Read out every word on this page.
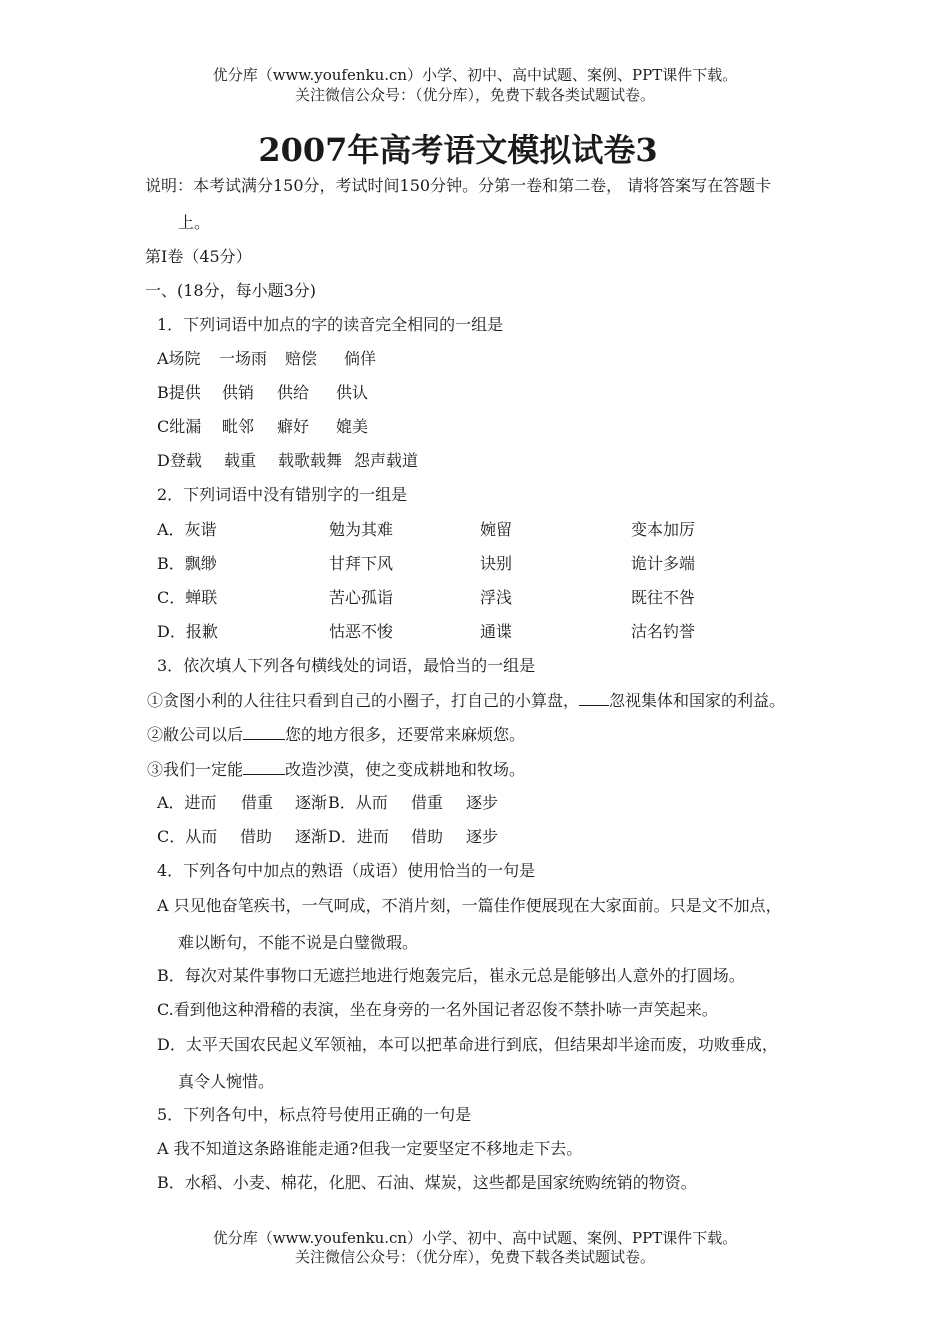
优分库（www.youfenku.cn）小学、初中、高中试题、案例、PPT课件下载。
关注微信公众号：（优分库），免费下载各类试题试卷。
2007年高考语文模拟试卷3
说明：本考试满分150分，考试时间150分钟。分第一卷和第二卷， 请将答案写在答题卡
上。
第Ⅰ卷（45分）
一、(18分，每小题3分)
1．下列词语中加点的字的读音完全相同的一组是
A场院 一场雨 赔偿 倘佯
B提供 供销 供给 供认
C纰漏 毗邻 癖好 媲美
D登载 载重 载歌载舞 怨声载道
2．下列词语中没有错别字的一组是
A．灰谐	勉为其难	婉留	变本加厉
B．飘缈	甘拜下风	诀别	诡计多端
C．蝉联	苦心孤诣	浮浅	既往不咎
D．报歉	怙恶不悛	通谍	沽名钓誉
3．依次填人下列各句横线处的词语，最恰当的一组是
①贪图小利的人往往只看到自己的小圈子，打自己的小算盘， 忽视集体和国家的利益。
②敝公司以后	您的地方很多，还要常来麻烦您。
③我们一定能	改造沙漠，使之变成耕地和牧场。
A．进而 借重 逐渐 B．从而 借重 逐步
C．从而 借助 逐渐 D．进而 借助 逐步
4．下列各句中加点的熟语（成语）使用恰当的一句是
A 只见他奋笔疾书，一气呵成，不消片刻，一篇佳作便展现在大家面前。只是文不加点，
难以断句，不能不说是白璧微瑕。
B．每次对某件事物口无遮拦地进行炮轰完后，崔永元总是能够出人意外的打圆场。
C.看到他这种滑稽的表演，坐在身旁的一名外国记者忍俊不禁扑哧一声笑起来。
D．太平天国农民起义军领袖，本可以把革命进行到底，但结果却半途而废，功败垂成，
真令人惋惜。
5．下列各句中，标点符号使用正确的一句是
A 我不知道这条路谁能走通?但我一定要坚定不移地走下去。
B．水稻、小麦、棉花，化肥、石油、煤炭，这些都是国家统购统销的物资。
优分库（www.youfenku.cn）小学、初中、高中试题、案例、PPT课件下载。
关注微信公众号：（优分库），免费下载各类试题试卷。
